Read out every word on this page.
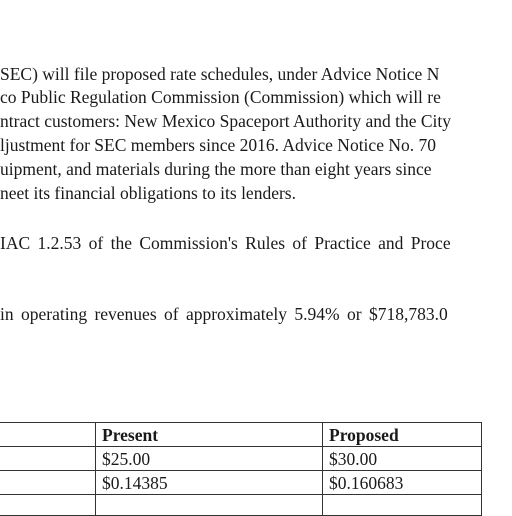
SEC) will file proposed rate schedules, under Advice Notice N
co Public Regulation Commission (Commission) which will re
ntract customers: New Mexico Spaceport Authority and the City
ljustment for SEC members since 2016. Advice Notice No. 70
uipment, and materials during the more than eight years since
neet its financial obligations to its lenders.
IAC 1.2.53 of the Commission's Rules of Practice and Proce
in operating revenues of approximately 5.94% or $718,783.0
	Present	Proposed
	$25.00	$30.00
	$0.14385	$0.160683
